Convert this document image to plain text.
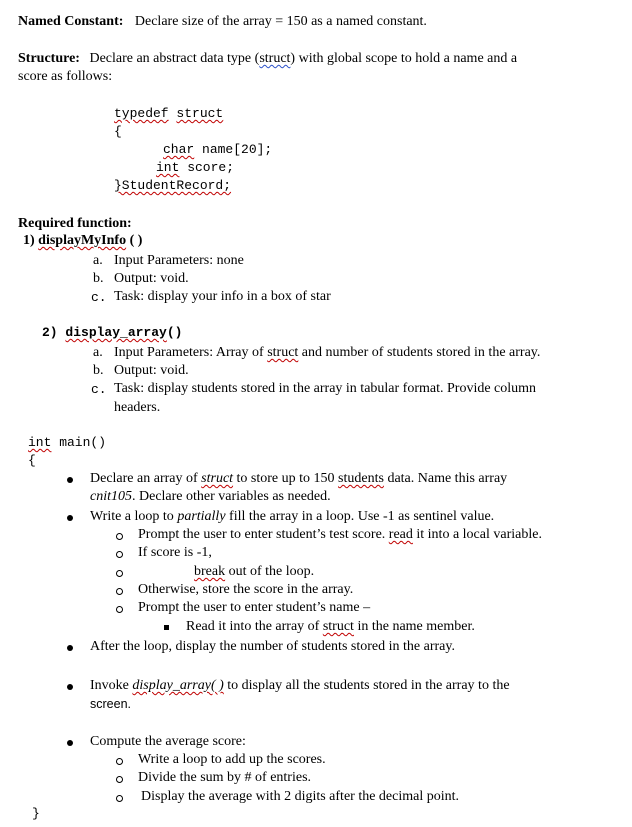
Named Constant: Declare size of the array = 150 as a named constant.
Structure: Declare an abstract data type (struct) with global scope to hold a name and a
score as follows:
typedef struct
{
char name[20];
int score;
}StudentRecord;
Required function:
1) displayMyInfo ( )
a. Input Parameters: none
b. Output: void.
c. Task: display your info in a box of star
2) display_array()
a. Input Parameters: Array of struct and number of students stored in the array.
b. Output: void.
c. Task: display students stored in the array in tabular format. Provide column
headers.
int main()
{
Declare an array of struct to store up to 150 students data. Name this array
cnit105. Declare other variables as needed.
Write a loop to partially fill the array in a loop. Use -1 as sentinel value.
Prompt the user to enter student’s test score. read it into a local variable.
If score is -1,
break out of the loop.
Otherwise, store the score in the array.
Prompt the user to enter student’s name –
Read it into the array of struct in the name member.
After the loop, display the number of students stored in the array.
Invoke display_array( ) to display all the students stored in the array to the
screen.
Compute the average score:
Write a loop to add up the scores.
Divide the sum by # of entries.
Display the average with 2 digits after the decimal point.
}
